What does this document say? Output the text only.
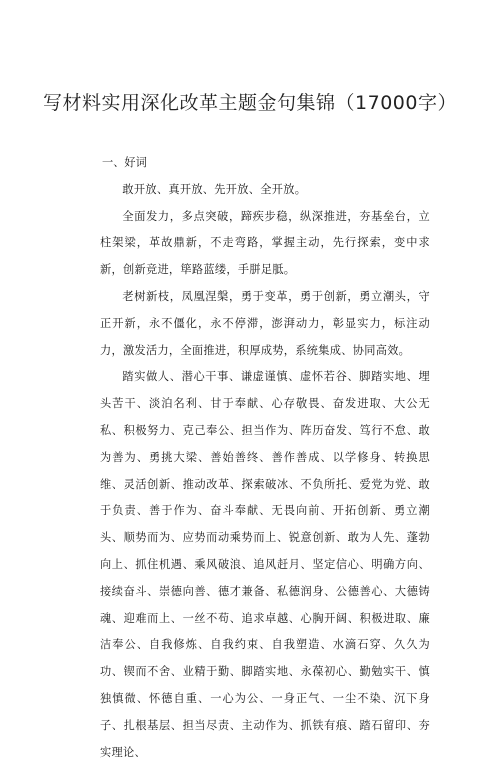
写材料实用深化改革主题金句集锦（17000字）

一、好词

敢开放、真开放、先开放、全开放。

全面发力，多点突破，蹄疾步稳，纵深推进，夯基垒台，立柱架梁，革故鼎新，不走弯路，掌握主动，先行探索，变中求新，创新竞进，筚路蓝缕，手胼足胝。

老树新枝，凤凰涅槃，勇于变革，勇于创新，勇立潮头，守正开新，永不僵化，永不停滞，澎湃动力，彰显实力，标注动力，激发活力，全面推进，积厚成势，系统集成、协同高效。

踏实做人、潜心干事、谦虚谨慎、虚怀若谷、脚踏实地、埋头苦干、淡泊名利、甘于奉献、心存敬畏、奋发进取、大公无私、积极努力、克己奉公、担当作为、阵历奋发、笃行不怠、敢为善为、勇挑大梁、善始善终、善作善成、以学修身、转换思维、灵活创新、推动改革、探索破冰、不负所托、爱党为党、敢于负责、善于作为、奋斗奉献、无畏向前、开拓创新、勇立潮头、顺势而为、应势而动乘势而上、锐意创新、敢为人先、蓬勃向上、抓住机遇、乘风破浪、追风赶月、坚定信心、明确方向、接续奋斗、崇德向善、德才兼备、私德润身、公德善心、大德铸魂、迎难而上、一丝不苟、追求卓越、心胸开阔、积极进取、廉洁奉公、自我修炼、自我约束、自我塑造、水滴石穿、久久为功、锲而不舍、业精于勤、脚踏实地、永葆初心、勤勉实干、慎独慎微、怀德自重、一心为公、一身正气、一尘不染、沉下身子、扎根基层、担当尽责、主动作为、抓铁有痕、踏石留印、夯实理论、
